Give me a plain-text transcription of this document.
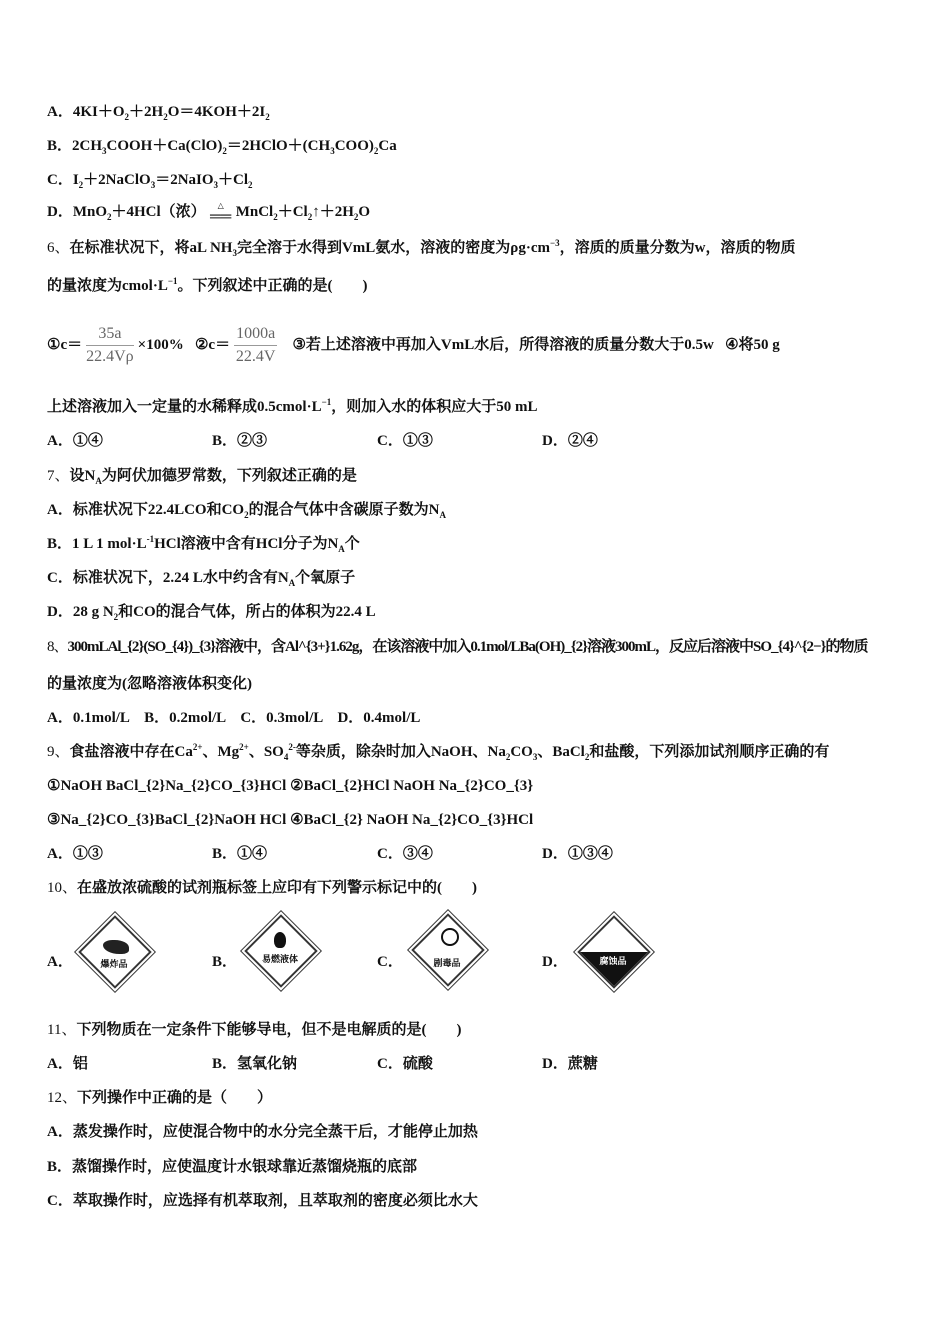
A．$4KI+O_2+2H_2O=4KOH+2I_2$
B．$2CH_3COOH+Ca(ClO)_2=2HClO+(CH_3COO)_2Ca$
C．$I_2+2NaClO_3=2NaIO_3+Cl_2$
D．MnO$_2$＋4HCl（浓）	△
══ $MnCl_2+Cl_2↑+2H_2O$
6、在标准状况下，将aL $NH_3$完全溶于水得到VmL氨水，溶液的密度为$\rho g\cdot cm^{-3}$，溶质的质量分数为w，溶质的物质
的量浓度为$cmol\cdot L^{-1}$。下列叙述中正确的是(　　)
①c＝ $\frac{35a}{22.4V\rho} \times 100\%$ ②c＝ $\frac{1000a}{22.4V}$ ③若上述溶液中再加入VmL水后，所得溶液的质量分数大于0.5w ④将50 g
上述溶液加入一定量的水稀释成$0.5cmol\cdot L^{-1}$，则加入水的体积应大于50 mL
A．①④	B．②③	C．①③	D．②④
7、设$N_A$为阿伏加德罗常数，下列叙述正确的是
A．标准状况下22.4LCO和$CO_2$的混合气体中含碳原子数为$N_A$
B．1 L 1 $mol\cdot L^{-1}HCl$溶液中含有HCl分子为$N_A$个
C．标准状况下，2.24 L水中约含有$N_A$个氧原子
D．28 g $N_2$和CO的混合气体，所占的体积为22.4 L
8、300mLAl_{2}(SO_{4})_{3}溶液中，含Al^{3+}1.62g，在该溶液中加入0.1mol/LBa(OH)_{2}溶液300mL，反应后溶液中SO_{4}^{2−}的物质
的量浓度为(忽略溶液体积变化)
A．0.1mol/L　B．0.2mol/L　C．0.3mol/L　D．0.4mol/L
9、食盐溶液中存在$Ca^{2+}$、$Mg^{2+}$、$SO_4^{2-}$等杂质，除杂时加入NaOH、$Na_2CO_3$、BaCl$_2$和盐酸，下列添加试剂顺序正确的有
①NaOH BaCl_{2}Na_{2}CO_{3}HCl ②BaCl_{2}HCl NaOH Na_{2}CO_{3}
③Na_{2}CO_{3}BaCl_{2}NaOH HCl ④BaCl_{2} NaOH Na_{2}CO_{3}HCl
A．①③	B．①④	C．③④	D．①③④
10、在盛放浓硫酸的试剂瓶标签上应印有下列警示标记中的(　　)
A．	爆炸品	B．	易燃液体	C．	剧毒品	D．	腐蚀品
11、下列物质在一定条件下能够导电，但不是电解质的是(　　)
A．铝	B．氢氧化钠	C．硫酸	D．蔗糖
12、下列操作中正确的是（　　）
A．蒸发操作时，应使混合物中的水分完全蒸干后，才能停止加热
B．蒸馏操作时，应使温度计水银球靠近蒸馏烧瓶的底部
C．萃取操作时，应选择有机萃取剂，且萃取剂的密度必须比水大
